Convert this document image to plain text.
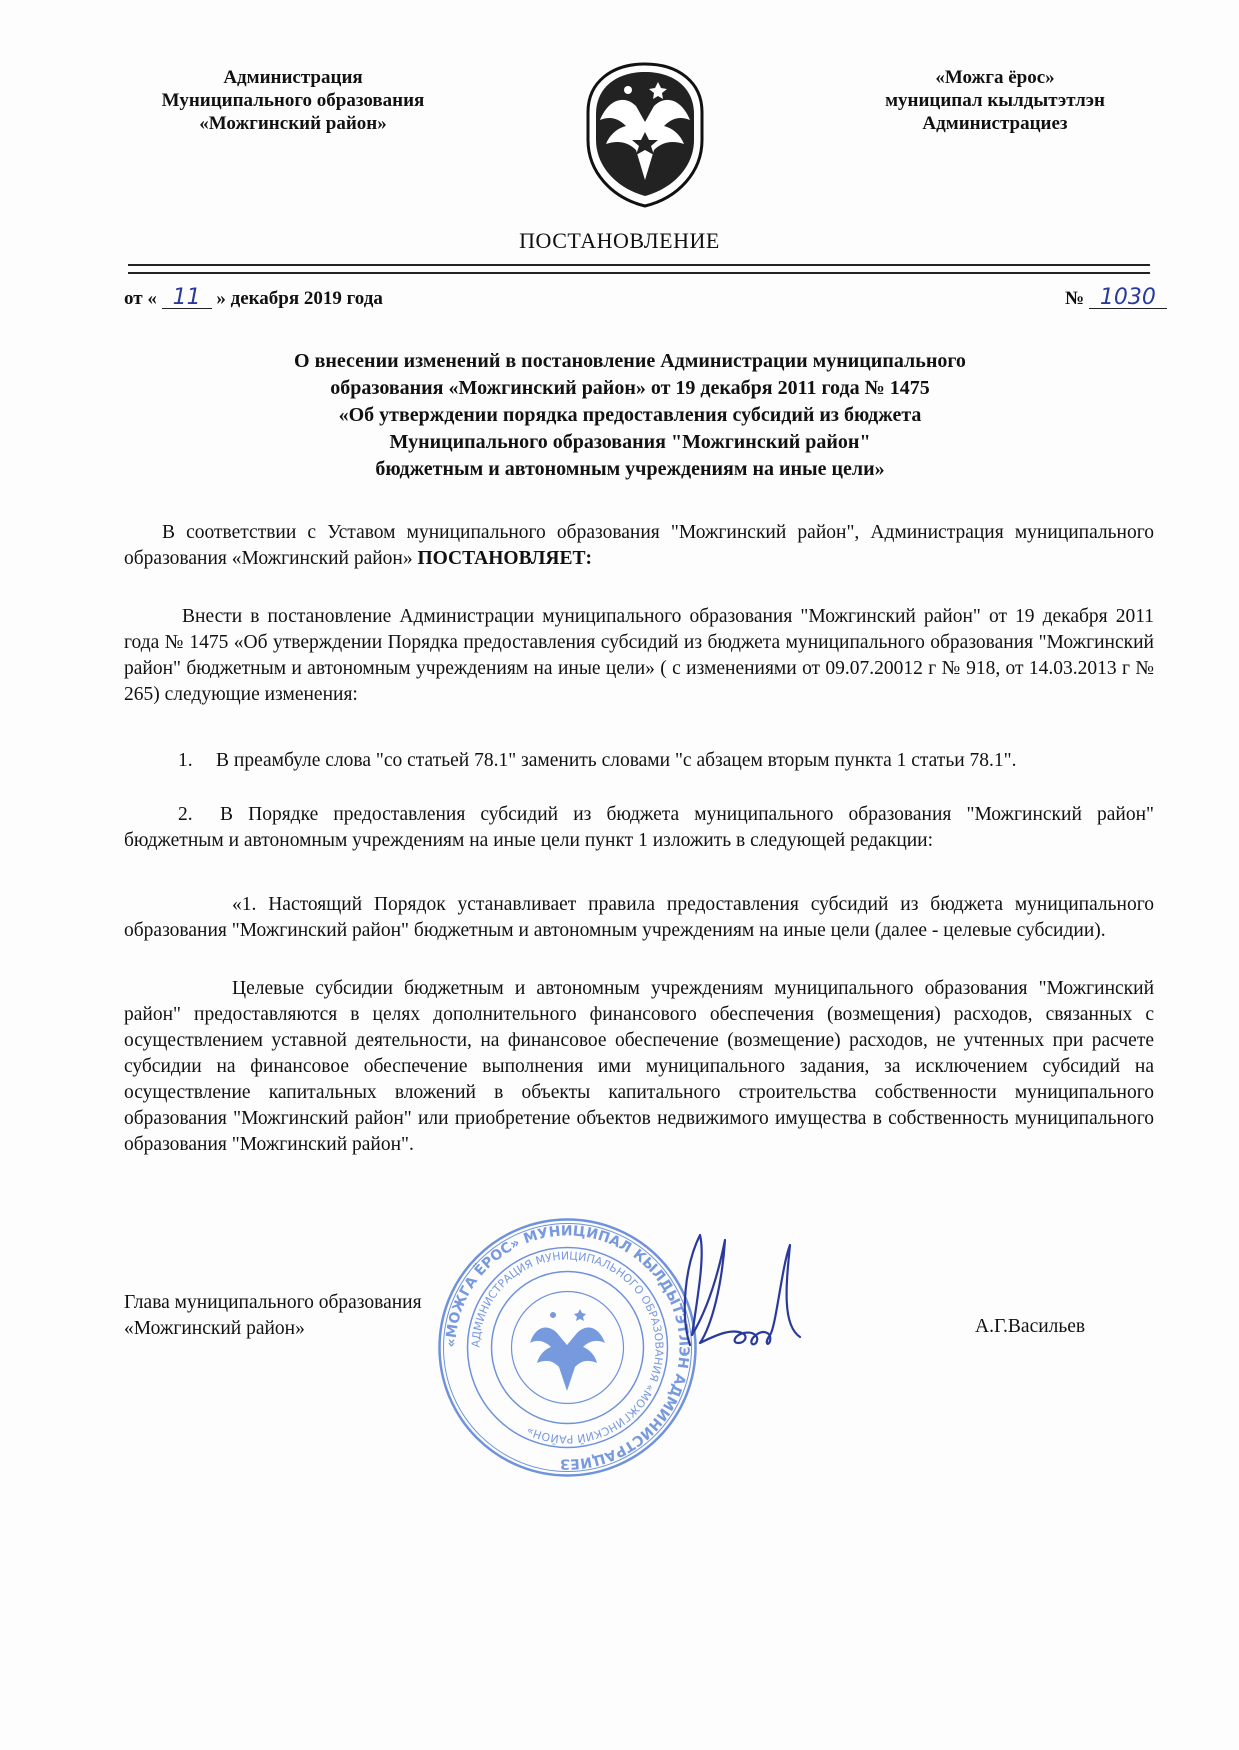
Администрация
Муниципального образования
«Можгинский район»
«Можга ёрос»
муниципал кылдытэтлэн
Администрациез
ПОСТАНОВЛЕНИЕ
от « 11 » декабря 2019 года	№ 1030
О внесении изменений в постановление Администрации муниципального
образования «Можгинский район» от 19 декабря 2011 года № 1475
«Об утверждении порядка предоставления субсидий из бюджета
Муниципального образования "Можгинский район"
бюджетным и автономным учреждениям на иные цели»
В соответствии с Уставом муниципального образования "Можгинский район", Администрация муниципального образования «Можгинский район» ПОСТАНОВЛЯЕТ:
Внести в постановление Администрации муниципального образования "Можгинский район" от 19 декабря 2011 года № 1475 «Об утверждении Порядка предоставления субсидий из бюджета муниципального образования "Можгинский район" бюджетным и автономным учреждениям на иные цели» ( с изменениями от 09.07.20012 г № 918, от 14.03.2013 г № 265) следующие изменения:
1. В преамбуле слова "со статьей 78.1" заменить словами "с абзацем вторым пункта 1 статьи 78.1".
2.	В Порядке предоставления субсидий из бюджета муниципального образования "Можгинский район" бюджетным и автономным учреждениям на иные цели пункт 1 изложить в следующей редакции:
«1. Настоящий Порядок устанавливает правила предоставления субсидий из бюджета муниципального образования "Можгинский район" бюджетным и автономным учреждениям на иные цели (далее - целевые субсидии).
Целевые субсидии бюджетным и автономным учреждениям муниципального образования "Можгинский район" предоставляются в целях дополнительного финансового обеспечения (возмещения) расходов, связанных с осуществлением уставной деятельности, на финансовое обеспечение (возмещение) расходов, не учтенных при расчете субсидии на финансовое обеспечение выполнения ими муниципального задания, за исключением субсидий на осуществление капитальных вложений в объекты капитального строительства собственности муниципального образования "Можгинский район" или приобретение объектов недвижимого имущества в собственность муниципального образования "Можгинский район".
Глава муниципального образования
«Можгинский район»
«МОЖГА ЁРОС» МУНИЦИПАЛ КЫЛДЫТЭТЛЭН АДМИНИСТРАЦИЕЗ
АДМИНИСТРАЦИЯ МУНИЦИПАЛЬНОГО ОБРАЗОВАНИЯ «МОЖГИНСКИЙ РАЙОН»
А.Г.Васильев
